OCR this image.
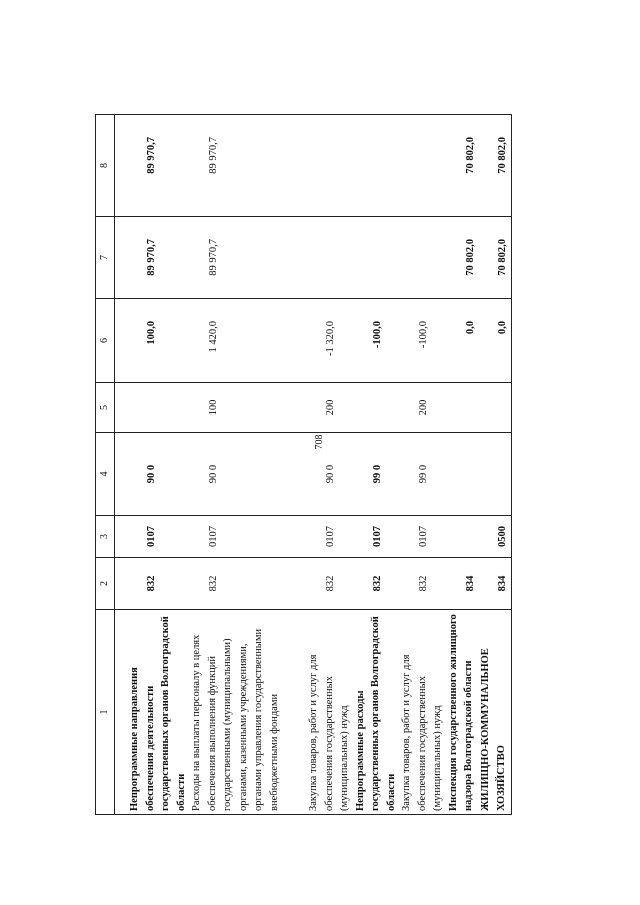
708
1	2	3	4	5	6	7	8
Непрограммные направления обеспечения деятельности государственных органов Волгоградской области	832	0107	90 0		100,0	89 970,7	89 970,7
Расходы на выплаты персоналу в целях обеспечения выполнения функций государственными (муниципальными) органами, казенными учреждениями, органами управления государственными внебюджетными фондами	832	0107	90 0	100	1 420,0	89 970,7	89 970,7

Закупка товаров, работ и услуг для обеспечения государственных (муниципальных) нужд	832	0107	90 0	200	-1 320,0		
Непрограммные расходы государственных органов Волгоградской области	832	0107	99 0		-100,0		
Закупка товаров, работ и услуг для обеспечения государственных (муниципальных) нужд	832	0107	99 0	200	-100,0		
Инспекция государственного жилищного надзора Волгоградской области	834				0,0	70 802,0	70 802,0
ЖИЛИЩНО-КОММУНАЛЬНОЕ ХОЗЯЙСТВО	834	0500			0,0	70 802,0	70 802,0
